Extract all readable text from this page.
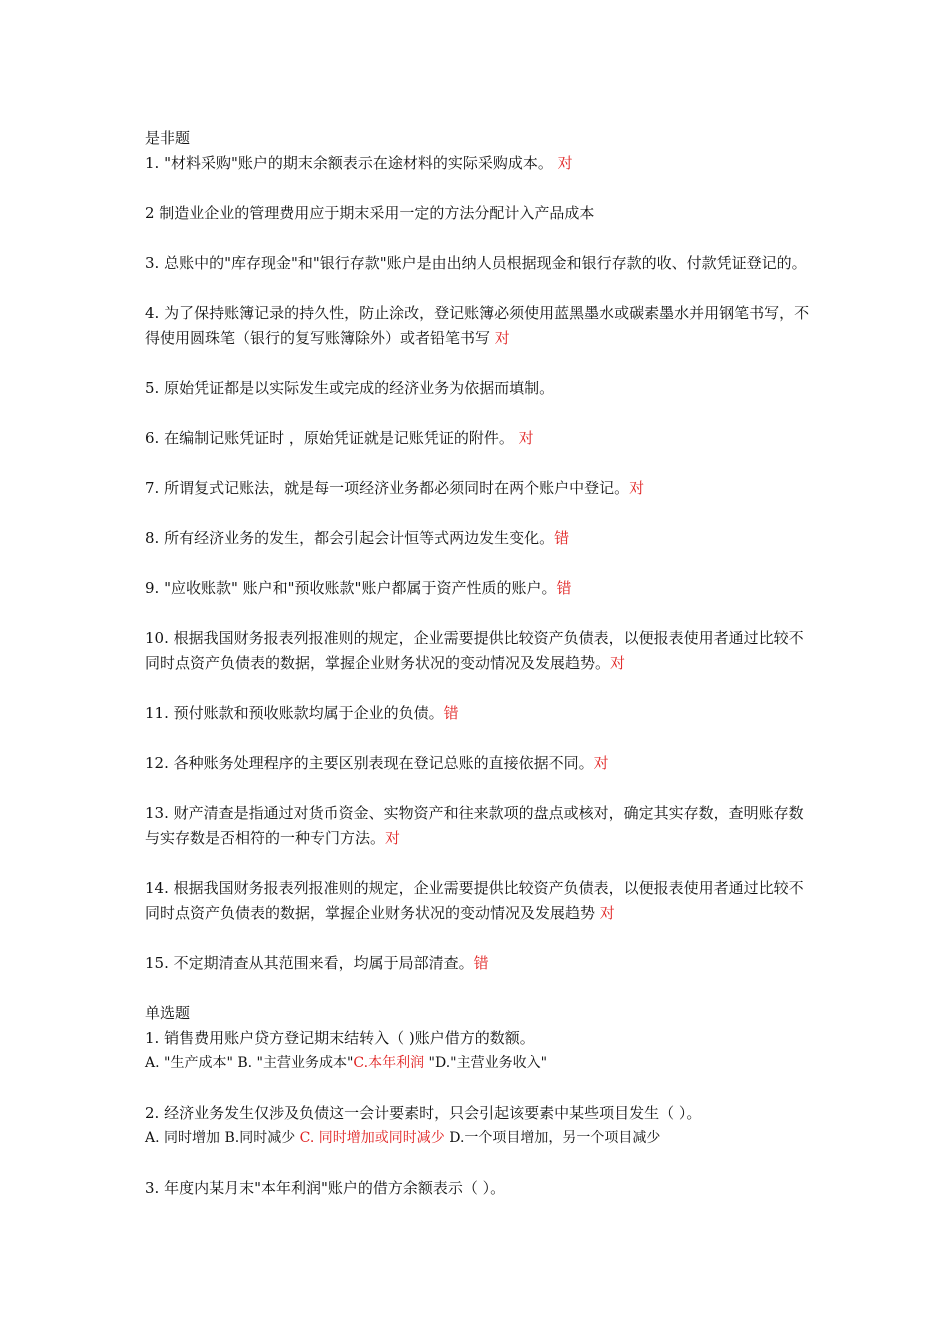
是非题
1. "材料采购"账户的期末余额表示在途材料的实际采购成本。 对
2 制造业企业的管理费用应于期末采用一定的方法分配计入产品成本
3. 总账中的"库存现金"和"银行存款"账户是由出纳人员根据现金和银行存款的收、付款凭证登记的。
4. 为了保持账簿记录的持久性，防止涂改，登记账簿必须使用蓝黑墨水或碳素墨水并用钢笔书写，不得使用圆珠笔（银行的复写账簿除外）或者铅笔书写 对
5. 原始凭证都是以实际发生或完成的经济业务为依据而填制。
6. 在编制记账凭证时 ，原始凭证就是记账凭证的附件。 对
7. 所谓复式记账法，就是每一项经济业务都必须同时在两个账户中登记。对
8. 所有经济业务的发生，都会引起会计恒等式两边发生变化。错
9. "应收账款" 账户和"预收账款"账户都属于资产性质的账户。错
10. 根据我国财务报表列报准则的规定，企业需要提供比较资产负债表，以便报表使用者通过比较不同时点资产负债表的数据，掌握企业财务状况的变动情况及发展趋势。对
11. 预付账款和预收账款均属于企业的负债。错
12. 各种账务处理程序的主要区别表现在登记总账的直接依据不同。对
13. 财产清查是指通过对货币资金、实物资产和往来款项的盘点或核对，确定其实存数，查明账存数与实存数是否相符的一种专门方法。对
14. 根据我国财务报表列报准则的规定，企业需要提供比较资产负债表，以便报表使用者通过比较不同时点资产负债表的数据，掌握企业财务状况的变动情况及发展趋势 对
15. 不定期清查从其范围来看，均属于局部清查。错
单选题
1. 销售费用账户贷方登记期末结转入（ )账户借方的数额。
A. "生产成本" B. "主营业务成本"C.本年利润 "D."主营业务收入"
2. 经济业务发生仅涉及负债这一会计要素时，只会引起该要素中某些项目发生（ ）。
A. 同时增加 B.同时减少 C. 同时增加或同时减少 D.一个项目增加，另一个项目减少
3. 年度内某月末"本年利润"账户的借方余额表示（ ）。
